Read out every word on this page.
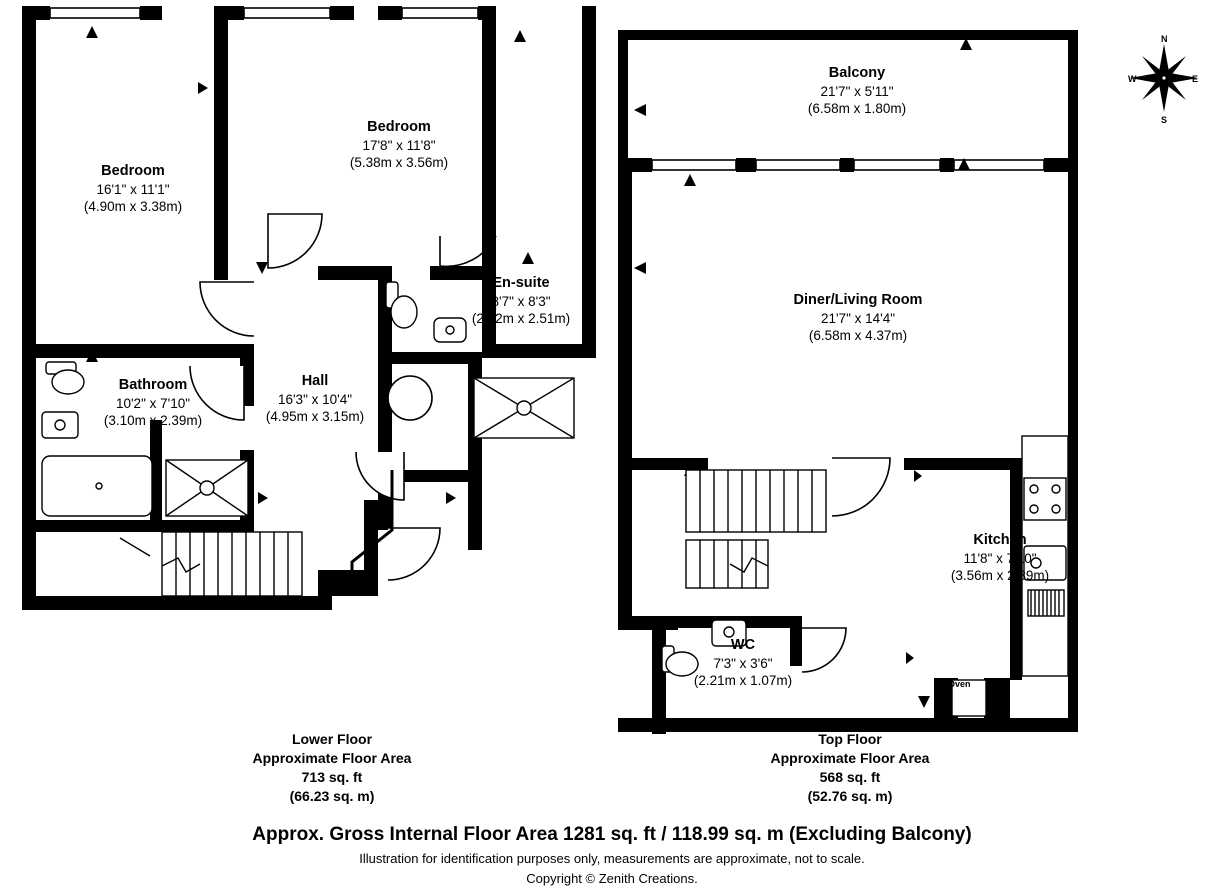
Bedroom
16'1" x 11'1"
(4.90m x 3.38m)
Bedroom
17'8" x 11'8"
(5.38m x 3.56m)
En-suite
8'7" x 8'3"
(2.62m x 2.51m)
Bathroom
10'2" x 7'10"
(3.10m x 2.39m)
Hall
16'3" x 10'4"
(4.95m x 3.15m)
Balcony
21'7" x 5'11"
(6.58m x 1.80m)
Diner/Living Room
21'7" x 14'4"
(6.58m x 4.37m)
Kitchen
11'8" x 7'10"
(3.56m x 2.39m)
WC
7'3" x 3'6"
(2.21m x 1.07m)	Oven
N
E
S
W
Lower Floor
Approximate Floor Area
713 sq. ft
(66.23 sq. m)
Top Floor
Approximate Floor Area
568 sq. ft
(52.76 sq. m)
Approx. Gross Internal Floor Area 1281 sq. ft / 118.99 sq. m (Excluding Balcony)
Illustration for identification purposes only, measurements are approximate, not to scale.
Copyright © Zenith Creations.
